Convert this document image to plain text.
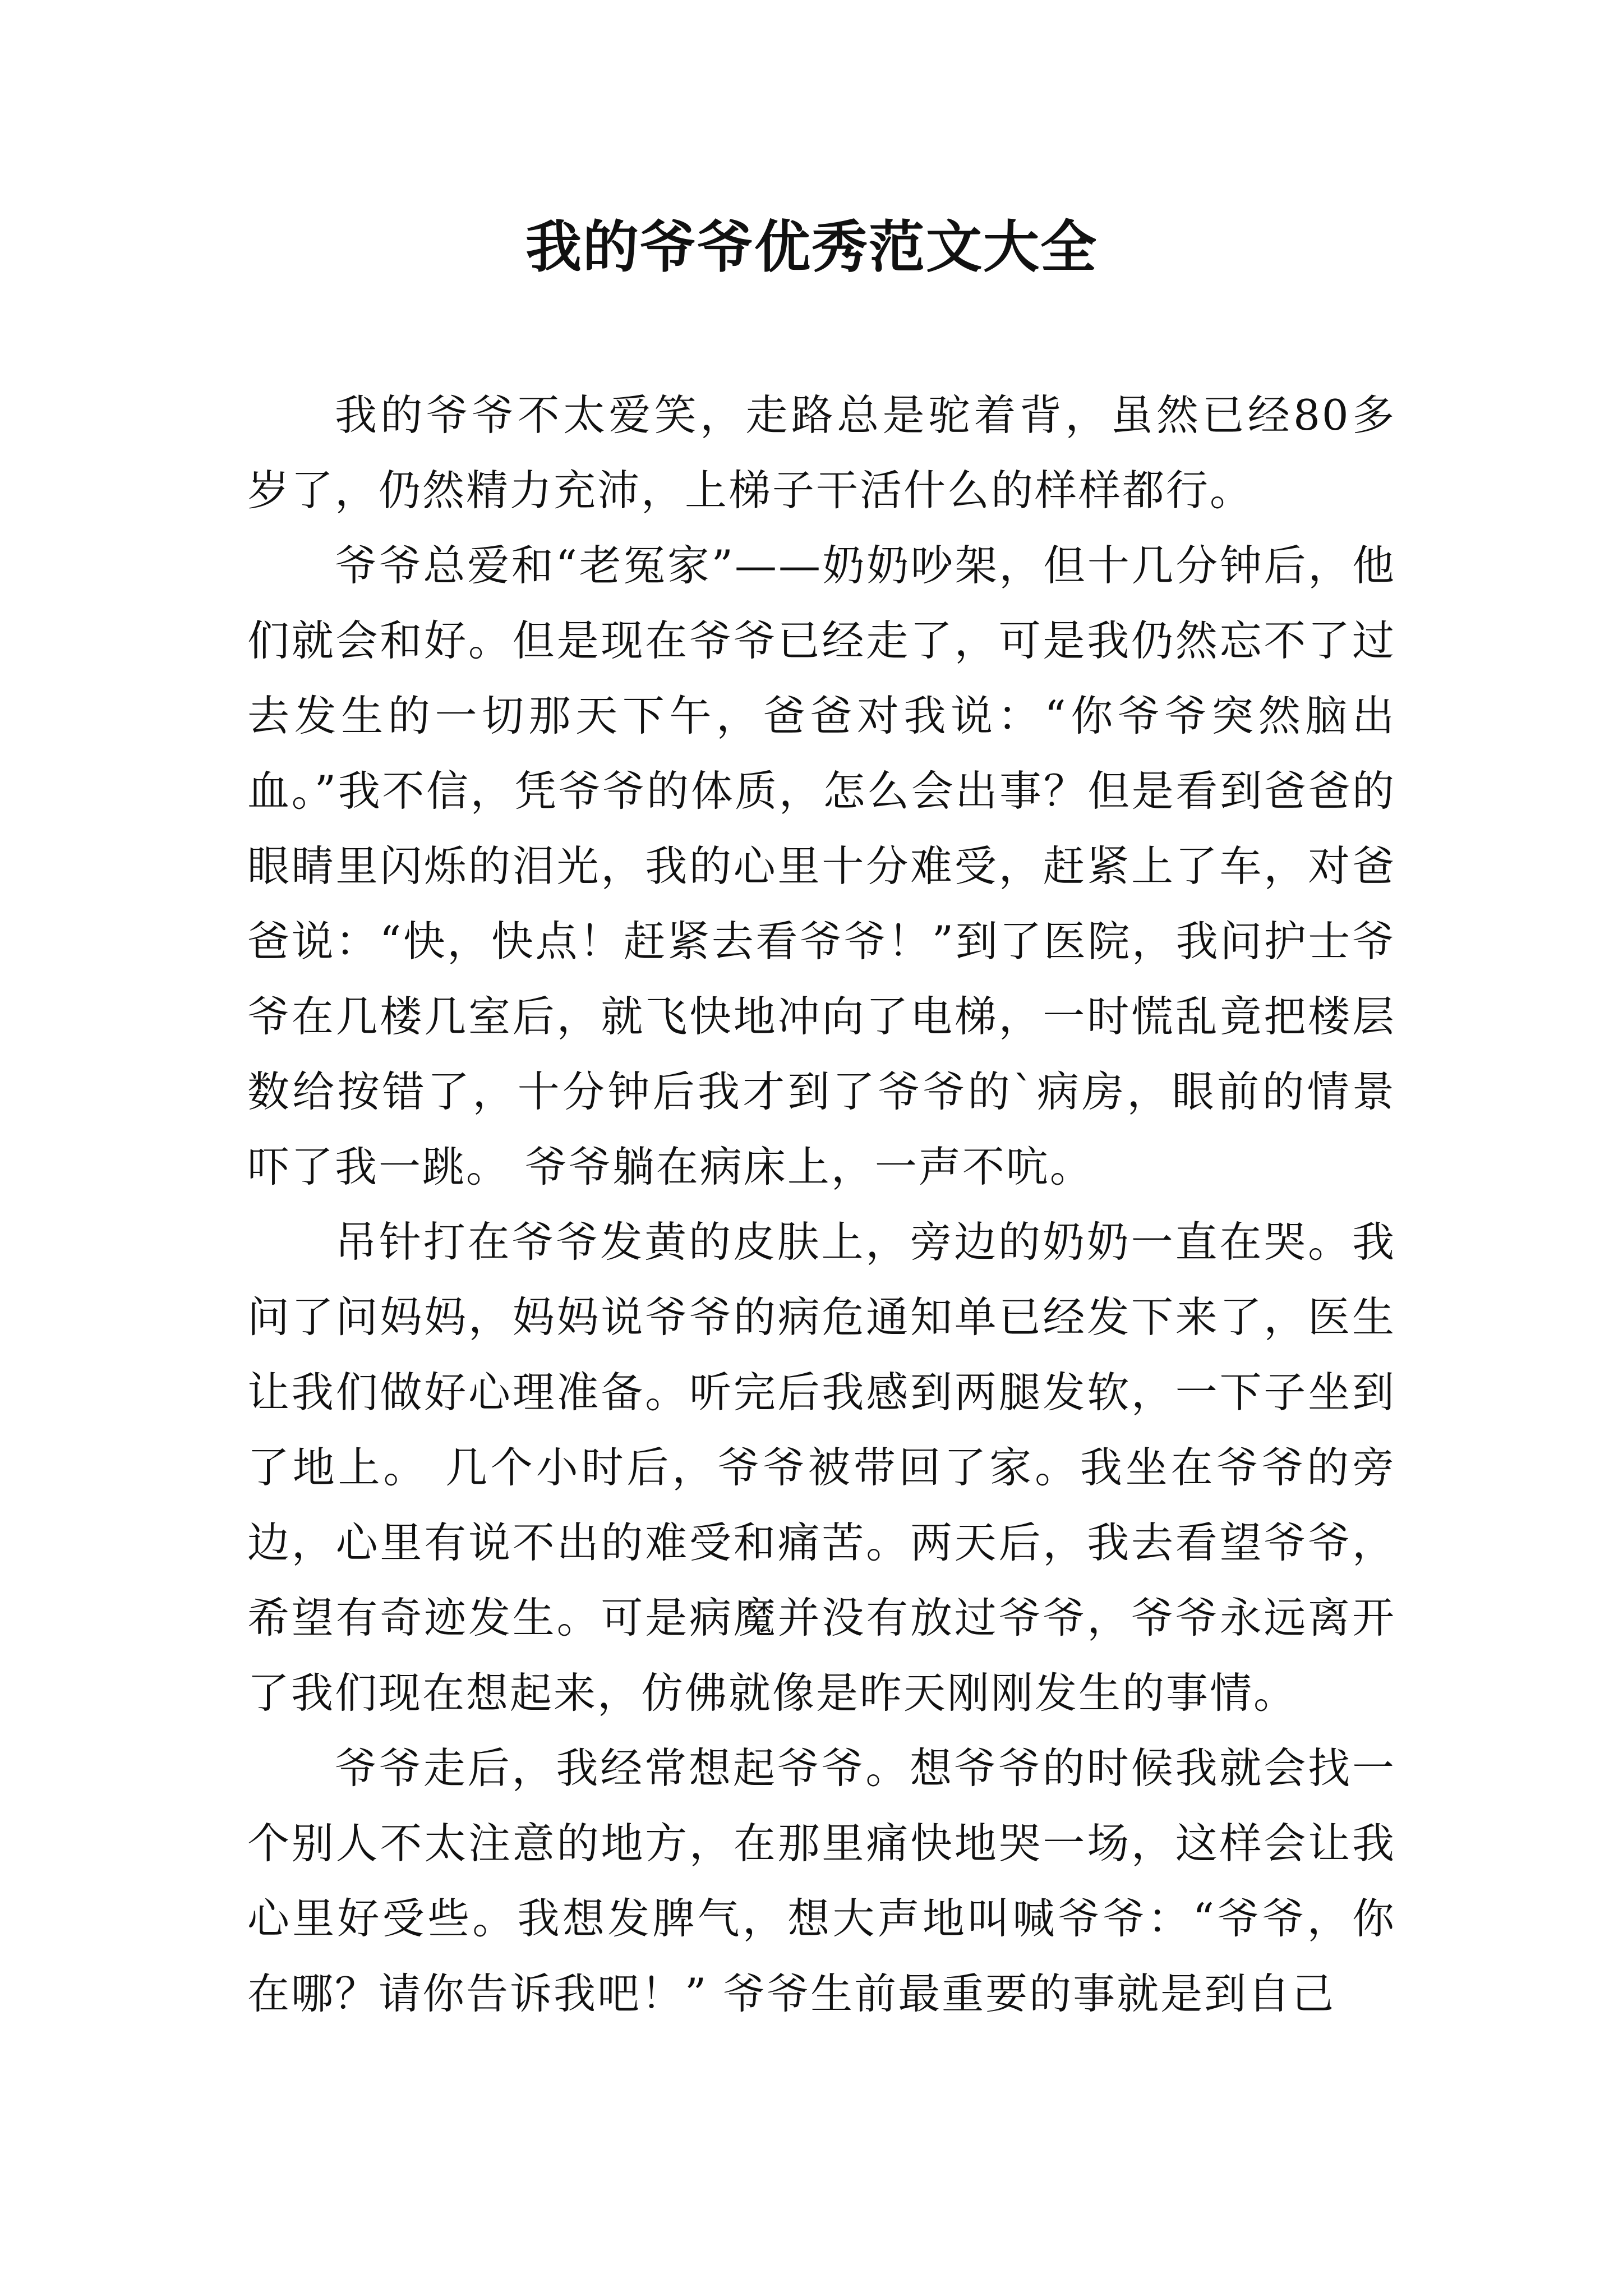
我的爷爷优秀范文大全

我的爷爷不太爱笑，走路总是驼着背，虽然已经80多岁了，仍然精力充沛，上梯子干活什么的样样都行。

爷爷总爱和“老冤家”——奶奶吵架，但十几分钟后，他们就会和好。但是现在爷爷已经走了，可是我仍然忘不了过去发生的一切那天下午，爸爸对我说：“你爷爷突然脑出血。”我不信，凭爷爷的体质，怎么会出事？但是看到爸爸的眼睛里闪烁的泪光，我的心里十分难受，赶紧上了车，对爸爸说：“快，快点！赶紧去看爷爷！”到了医院，我问护士爷爷在几楼几室后，就飞快地冲向了电梯，一时慌乱竟把楼层数给按错了，十分钟后我才到了爷爷的`病房，眼前的情景吓了我一跳。 爷爷躺在病床上，一声不吭。

吊针打在爷爷发黄的皮肤上，旁边的奶奶一直在哭。我问了问妈妈，妈妈说爷爷的病危通知单已经发下来了，医生让我们做好心理准备。听完后我感到两腿发软，一下子坐到了地上。 几个小时后，爷爷被带回了家。我坐在爷爷的旁边，心里有说不出的难受和痛苦。两天后，我去看望爷爷，希望有奇迹发生。可是病魔并没有放过爷爷，爷爷永远离开了我们现在想起来，仿佛就像是昨天刚刚发生的事情。

爷爷走后，我经常想起爷爷。想爷爷的时候我就会找一个别人不太注意的地方，在那里痛快地哭一场，这样会让我心里好受些。我想发脾气，想大声地叫喊爷爷：“爷爷，你在哪？请你告诉我吧！” 爷爷生前最重要的事就是到自己
